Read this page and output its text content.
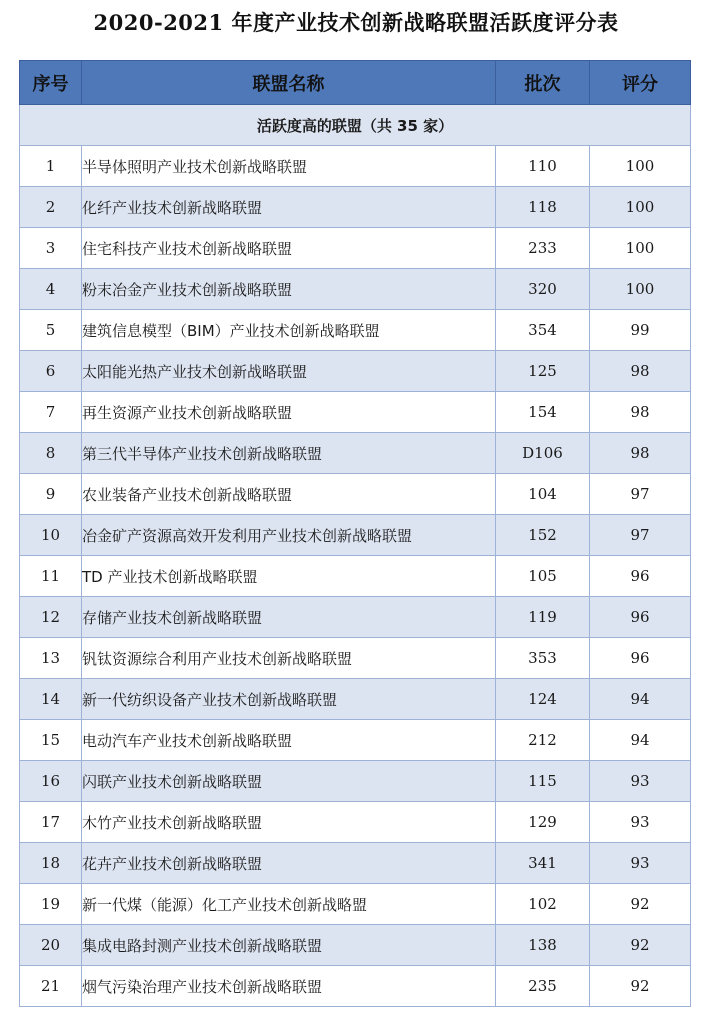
2020-2021 年度产业技术创新战略联盟活跃度评分表
序号	联盟名称	批次	评分
活跃度高的联盟（共 35 家）			
1	半导体照明产业技术创新战略联盟	110	100
2	化纤产业技术创新战略联盟	118	100
3	住宅科技产业技术创新战略联盟	233	100
4	粉末冶金产业技术创新战略联盟	320	100
5	建筑信息模型（BIM）产业技术创新战略联盟	354	99
6	太阳能光热产业技术创新战略联盟	125	98
7	再生资源产业技术创新战略联盟	154	98
8	第三代半导体产业技术创新战略联盟	D106	98
9	农业装备产业技术创新战略联盟	104	97
10	冶金矿产资源高效开发利用产业技术创新战略联盟	152	97
11	TD 产业技术创新战略联盟	105	96
12	存储产业技术创新战略联盟	119	96
13	钒钛资源综合利用产业技术创新战略联盟	353	96
14	新一代纺织设备产业技术创新战略联盟	124	94
15	电动汽车产业技术创新战略联盟	212	94
16	闪联产业技术创新战略联盟	115	93
17	木竹产业技术创新战略联盟	129	93
18	花卉产业技术创新战略联盟	341	93
19	新一代煤（能源）化工产业技术创新战略盟	102	92
20	集成电路封测产业技术创新战略联盟	138	92
21	烟气污染治理产业技术创新战略联盟	235	92
